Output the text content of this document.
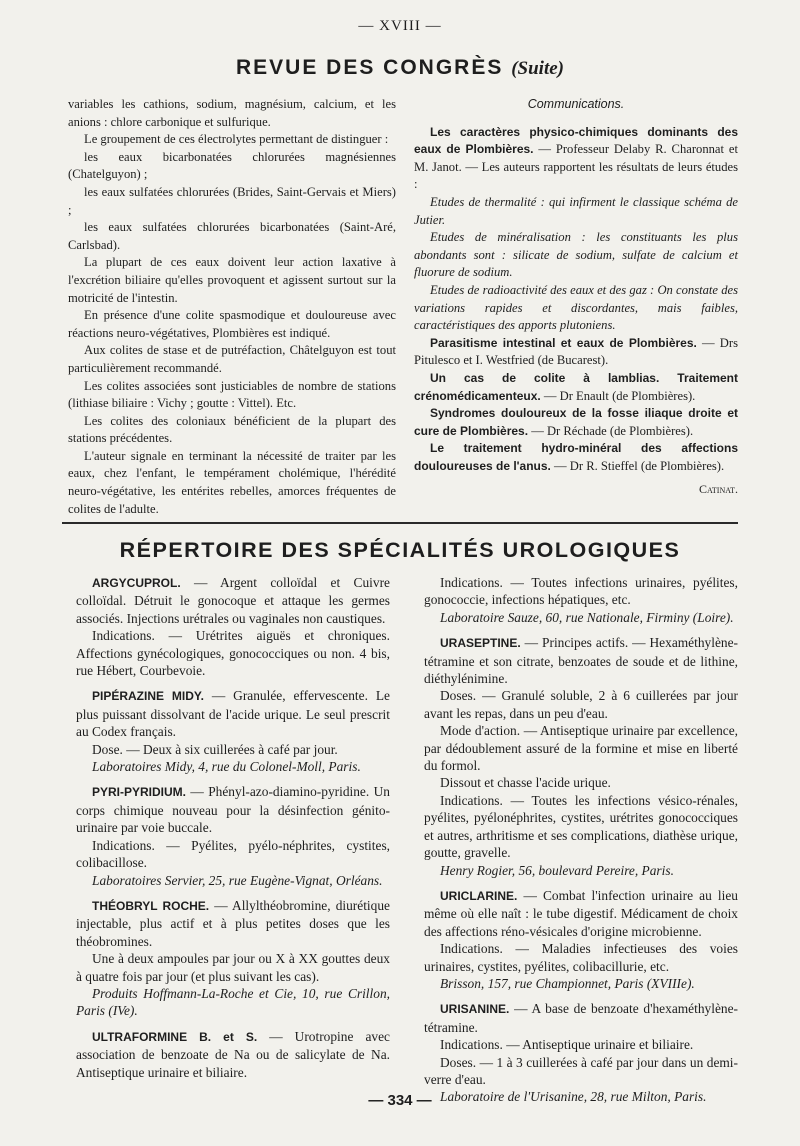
— XVIII —
REVUE DES CONGRÈS (Suite)

variables les cathions, sodium, magnésium, calcium, et les anions : chlore carbonique et sulfurique.

Le groupement de ces électrolytes permettant de distinguer :

les eaux bicarbonatées chlorurées magnésiennes (Chatelguyon) ;

les eaux sulfatées chlorurées (Brides, Saint-Gervais et Miers) ;

les eaux sulfatées chlorurées bicarbonatées (Saint-Aré, Carlsbad).

La plupart de ces eaux doivent leur action laxative à l'excrétion biliaire qu'elles provoquent et agissent surtout sur la motricité de l'intestin.

En présence d'une colite spasmodique et douloureuse avec réactions neuro-végétatives, Plombières est indiqué.

Aux colites de stase et de putréfaction, Châtelguyon est tout particulièrement recommandé.

Les colites associées sont justiciables de nombre de stations (lithiase biliaire : Vichy ; goutte : Vittel). Etc.

Les colites des coloniaux bénéficient de la plupart des stations précédentes.

L'auteur signale en terminant la nécessité de traiter par les eaux, chez l'enfant, le tempérament cholémique, l'hérédité neuro-végétative, les entérites rebelles, amorces fréquentes de colites de l'adulte.

Communications.

Les caractères physico-chimiques dominants des eaux de Plombières. — Professeur Delaby R. Charonnat et M. Janot. — Les auteurs rapportent les résultats de leurs études :

Etudes de thermalité : qui infirment le classique schéma de Jutier.

Etudes de minéralisation : les constituants les plus abondants sont : silicate de sodium, sulfate de calcium et fluorure de sodium.

Etudes de radioactivité des eaux et des gaz : On constate des variations rapides et discordantes, mais faibles, caractéristiques des apports plutoniens.

Parasitisme intestinal et eaux de Plombières. — Drs Pitulesco et I. Westfried (de Bucarest).

Un cas de colite à lamblias. Traitement crénomédicamenteux. — Dr Enault (de Plombières).

Syndromes douloureux de la fosse iliaque droite et cure de Plombières. — Dr Réchade (de Plombières).

Le traitement hydro-minéral des affections douloureuses de l'anus. — Dr R. Stieffel (de Plombières).

Catinat.
RÉPERTOIRE DES SPÉCIALITÉS UROLOGIQUES

ARGYCUPROL. — Argent colloïdal et Cuivre colloïdal. Détruit le gonocoque et attaque les germes associés. Injections urétrales ou vaginales non caustiques.

Indications. — Urétrites aiguës et chroniques. Affections gynécologiques, gonococciques ou non. 4 bis, rue Hébert, Courbevoie.

PIPÉRAZINE MIDY. — Granulée, effervescente. Le plus puissant dissolvant de l'acide urique. Le seul prescrit au Codex français.

Dose. — Deux à six cuillerées à café par jour.

Laboratoires Midy, 4, rue du Colonel-Moll, Paris.

PYRI-PYRIDIUM. — Phényl-azo-diamino-pyridine. Un corps chimique nouveau pour la désinfection génito-urinaire par voie buccale.

Indications. — Pyélites, pyélo-néphrites, cystites, colibacillose.

Laboratoires Servier, 25, rue Eugène-Vignat, Orléans.

THÉOBRYL ROCHE. — Allylthéobromine, diurétique injectable, plus actif et à plus petites doses que les théobromines.

Une à deux ampoules par jour ou X à XX gouttes deux à quatre fois par jour (et plus suivant les cas).

Produits Hoffmann-La-Roche et Cie, 10, rue Crillon, Paris (IVe).

ULTRAFORMINE B. et S. — Urotropine avec association de benzoate de Na ou de salicylate de Na. Antiseptique urinaire et biliaire.

Indications. — Toutes infections urinaires, pyélites, gonococcie, infections hépatiques, etc.

Laboratoire Sauze, 60, rue Nationale, Firminy (Loire).

URASEPTINE. — Principes actifs. — Hexaméthylène-tétramine et son citrate, benzoates de soude et de lithine, diéthylénimine.

Doses. — Granulé soluble, 2 à 6 cuillerées par jour avant les repas, dans un peu d'eau.

Mode d'action. — Antiseptique urinaire par excellence, par dédoublement assuré de la formine et mise en liberté du formol.

Dissout et chasse l'acide urique.

Indications. — Toutes les infections vésico-rénales, pyélites, pyélonéphrites, cystites, urétrites gonococciques et autres, arthritisme et ses complications, diathèse urique, goutte, gravelle.

Henry Rogier, 56, boulevard Pereire, Paris.

URICLARINE. — Combat l'infection urinaire au lieu même où elle naît : le tube digestif. Médicament de choix des affections réno-vésicales d'origine microbienne.

Indications. — Maladies infectieuses des voies urinaires, cystites, pyélites, colibacillurie, etc.

Brisson, 157, rue Championnet, Paris (XVIIIe).

URISANINE. — A base de benzoate d'hexaméthylène-tétramine.

Indications. — Antiseptique urinaire et biliaire.

Doses. — 1 à 3 cuillerées à café par jour dans un demi-verre d'eau.

Laboratoire de l'Urisanine, 28, rue Milton, Paris.

— 334 —
